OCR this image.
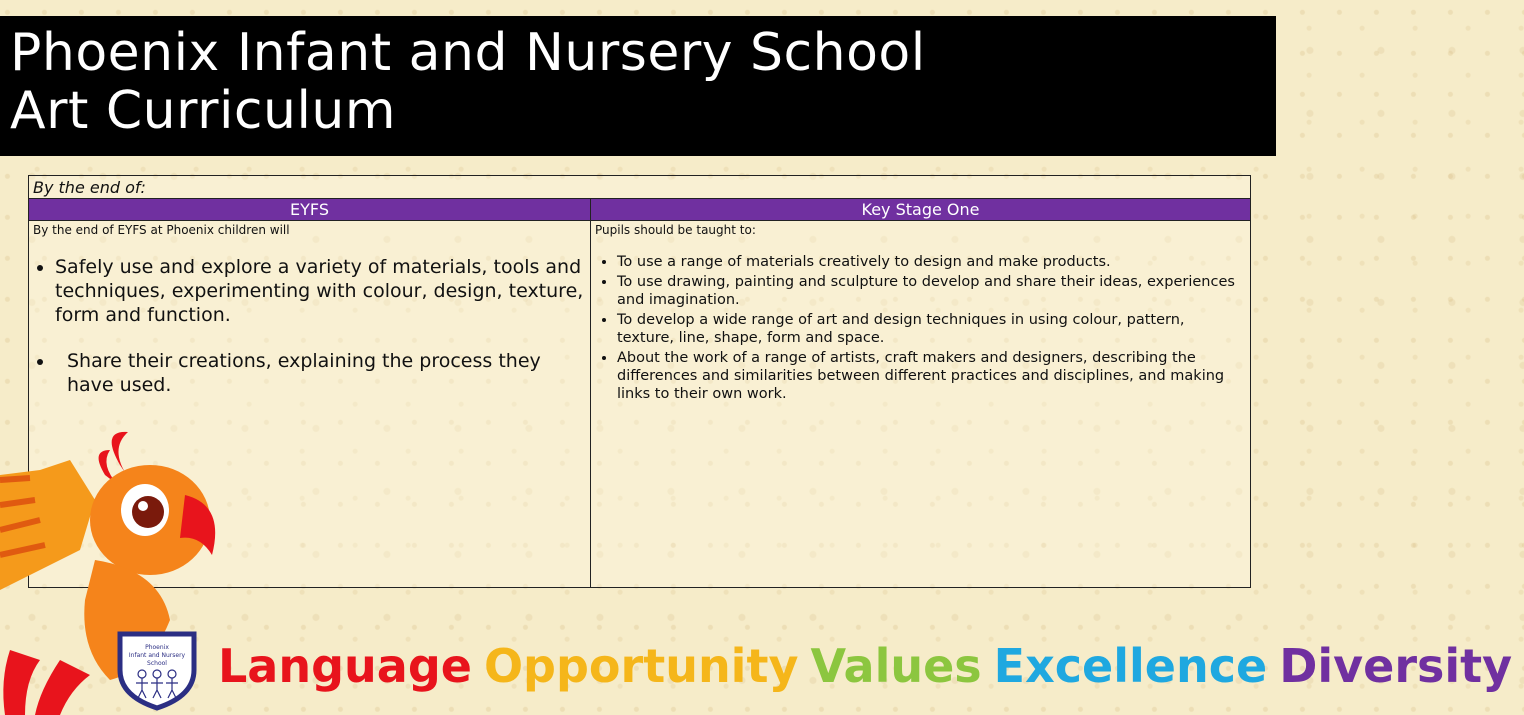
Phoenix Infant and Nursery School
Art Curriculum
By the end of:
EYFS	Key Stage One

By the end of EYFS at Phoenix children will

• Safely use and explore a variety of materials, tools and techniques, experimenting with colour, design, texture, form and function.
• Share their creations, explaining the process they have used.

Pupils should be taught to:

• To use a range of materials creatively to design and make products.
• To use drawing, painting and sculpture to develop and share their ideas, experiences and imagination.
• To develop a wide range of art and design techniques in using colour, pattern, texture, line, shape, form and space.
• About the work of a range of artists, craft makers and designers, describing the differences and similarities between different practices and disciplines, and making links to their own work.
Phoenix
Infant and Nursery
School Language Opportunity Values Excellence Diversity
